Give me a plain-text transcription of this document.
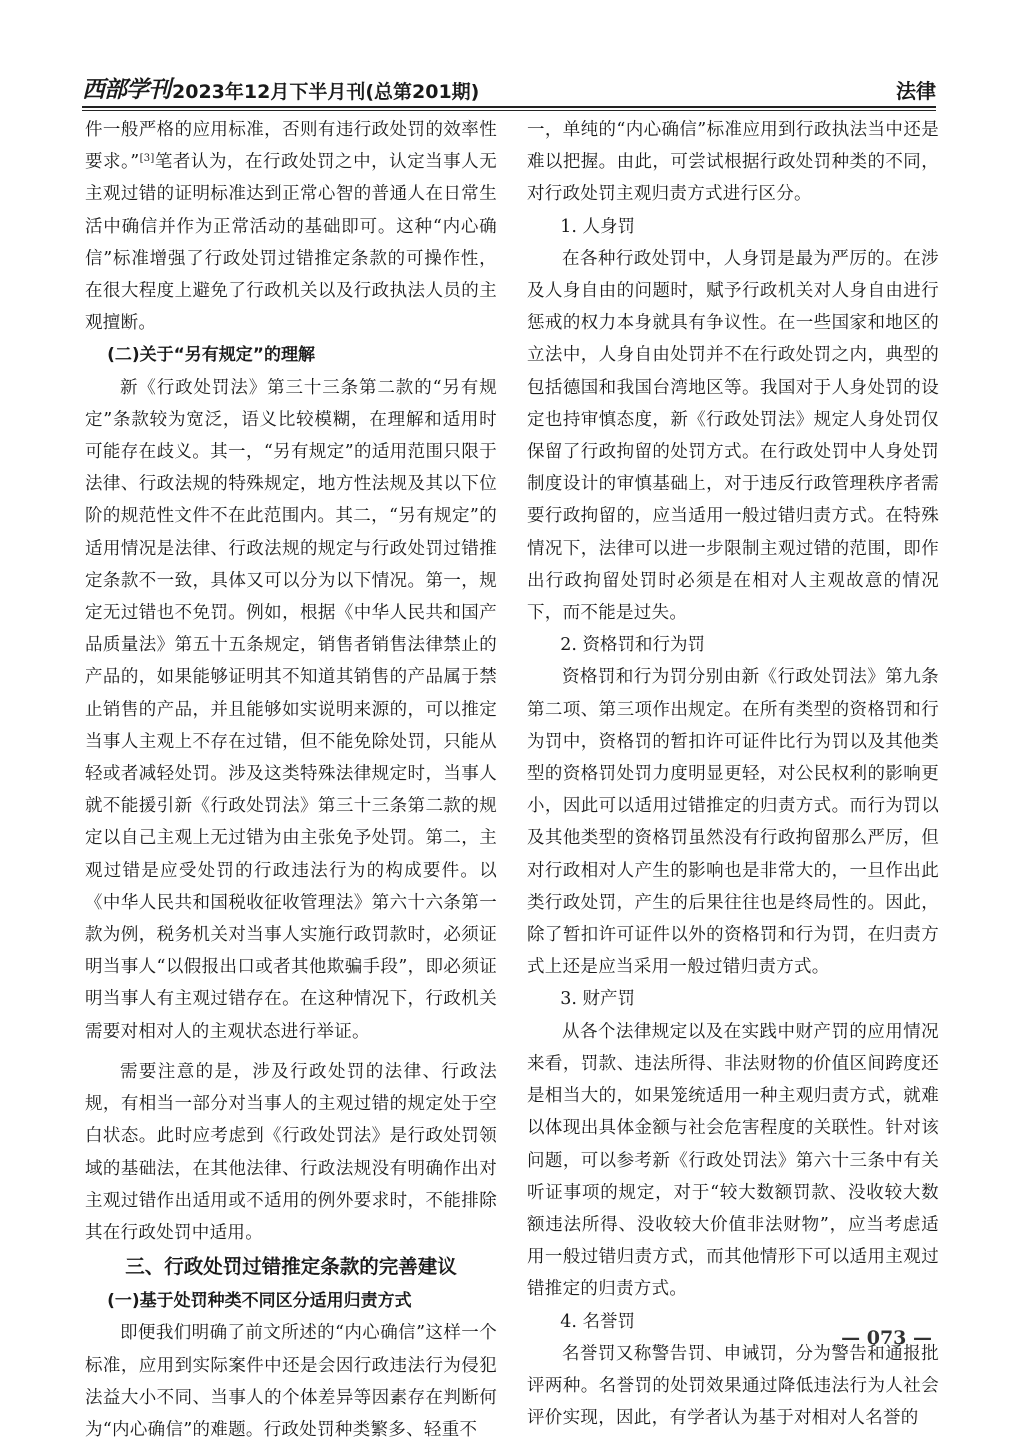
西部学刊 2023年12月下半月刊(总第201期)	法律

件一般严格的应用标准，否则有违行政处罚的效率性要求。”[3]笔者认为，在行政处罚之中，认定当事人无主观过错的证明标准达到正常心智的普通人在日常生活中确信并作为正常活动的基础即可。这种“内心确信”标准增强了行政处罚过错推定条款的可操作性，在很大程度上避免了行政机关以及行政执法人员的主观擅断。

(二)关于“另有规定”的理解

新《行政处罚法》第三十三条第二款的“另有规定”条款较为宽泛，语义比较模糊，在理解和适用时可能存在歧义。其一，“另有规定”的适用范围只限于法律、行政法规的特殊规定，地方性法规及其以下位阶的规范性文件不在此范围内。其二，“另有规定”的适用情况是法律、行政法规的规定与行政处罚过错推定条款不一致，具体又可以分为以下情况。第一，规定无过错也不免罚。例如，根据《中华人民共和国产品质量法》第五十五条规定，销售者销售法律禁止的产品的，如果能够证明其不知道其销售的产品属于禁止销售的产品，并且能够如实说明来源的，可以推定当事人主观上不存在过错，但不能免除处罚，只能从轻或者减轻处罚。涉及这类特殊法律规定时，当事人就不能援引新《行政处罚法》第三十三条第二款的规定以自己主观上无过错为由主张免予处罚。第二，主观过错是应受处罚的行政违法行为的构成要件。以《中华人民共和国税收征收管理法》第六十六条第一款为例，税务机关对当事人实施行政罚款时，必须证明当事人“以假报出口或者其他欺骗手段”，即必须证明当事人有主观过错存在。在这种情况下，行政机关需要对相对人的主观状态进行举证。

需要注意的是，涉及行政处罚的法律、行政法规，有相当一部分对当事人的主观过错的规定处于空白状态。此时应考虑到《行政处罚法》是行政处罚领域的基础法，在其他法律、行政法规没有明确作出对主观过错作出适用或不适用的例外要求时，不能排除其在行政处罚中适用。

三、行政处罚过错推定条款的完善建议
(一)基于处罚种类不同区分适用归责方式

即便我们明确了前文所述的“内心确信”这样一个标准，应用到实际案件中还是会因行政违法行为侵犯法益大小不同、当事人的个体差异等因素存在判断何为“内心确信”的难题。行政处罚种类繁多、轻重不

一，单纯的“内心确信”标准应用到行政执法当中还是难以把握。由此，可尝试根据行政处罚种类的不同，对行政处罚主观归责方式进行区分。

1. 人身罚

在各种行政处罚中，人身罚是最为严厉的。在涉及人身自由的问题时，赋予行政机关对人身自由进行惩戒的权力本身就具有争议性。在一些国家和地区的立法中，人身自由处罚并不在行政处罚之内，典型的包括德国和我国台湾地区等。我国对于人身处罚的设定也持审慎态度，新《行政处罚法》规定人身处罚仅保留了行政拘留的处罚方式。在行政处罚中人身处罚制度设计的审慎基础上，对于违反行政管理秩序者需要行政拘留的，应当适用一般过错归责方式。在特殊情况下，法律可以进一步限制主观过错的范围，即作出行政拘留处罚时必须是在相对人主观故意的情况下，而不能是过失。

2. 资格罚和行为罚

资格罚和行为罚分别由新《行政处罚法》第九条第二项、第三项作出规定。在所有类型的资格罚和行为罚中，资格罚的暂扣许可证件比行为罚以及其他类型的资格罚处罚力度明显更轻，对公民权利的影响更小，因此可以适用过错推定的归责方式。而行为罚以及其他类型的资格罚虽然没有行政拘留那么严厉，但对行政相对人产生的影响也是非常大的，一旦作出此类行政处罚，产生的后果往往也是终局性的。因此，除了暂扣许可证件以外的资格罚和行为罚，在归责方式上还是应当采用一般过错归责方式。

3. 财产罚

从各个法律规定以及在实践中财产罚的应用情况来看，罚款、违法所得、非法财物的价值区间跨度还是相当大的，如果笼统适用一种主观归责方式，就难以体现出具体金额与社会危害程度的关联性。针对该问题，可以参考新《行政处罚法》第六十三条中有关听证事项的规定，对于“较大数额罚款、没收较大数额违法所得、没收较大价值非法财物”，应当考虑适用一般过错归责方式，而其他情形下可以适用主观过错推定的归责方式。

4. 名誉罚

名誉罚又称警告罚、申诫罚，分为警告和通报批评两种。名誉罚的处罚效果通过降低违法行为人社会评价实现，因此，有学者认为基于对相对人名誉的

— 073 —
